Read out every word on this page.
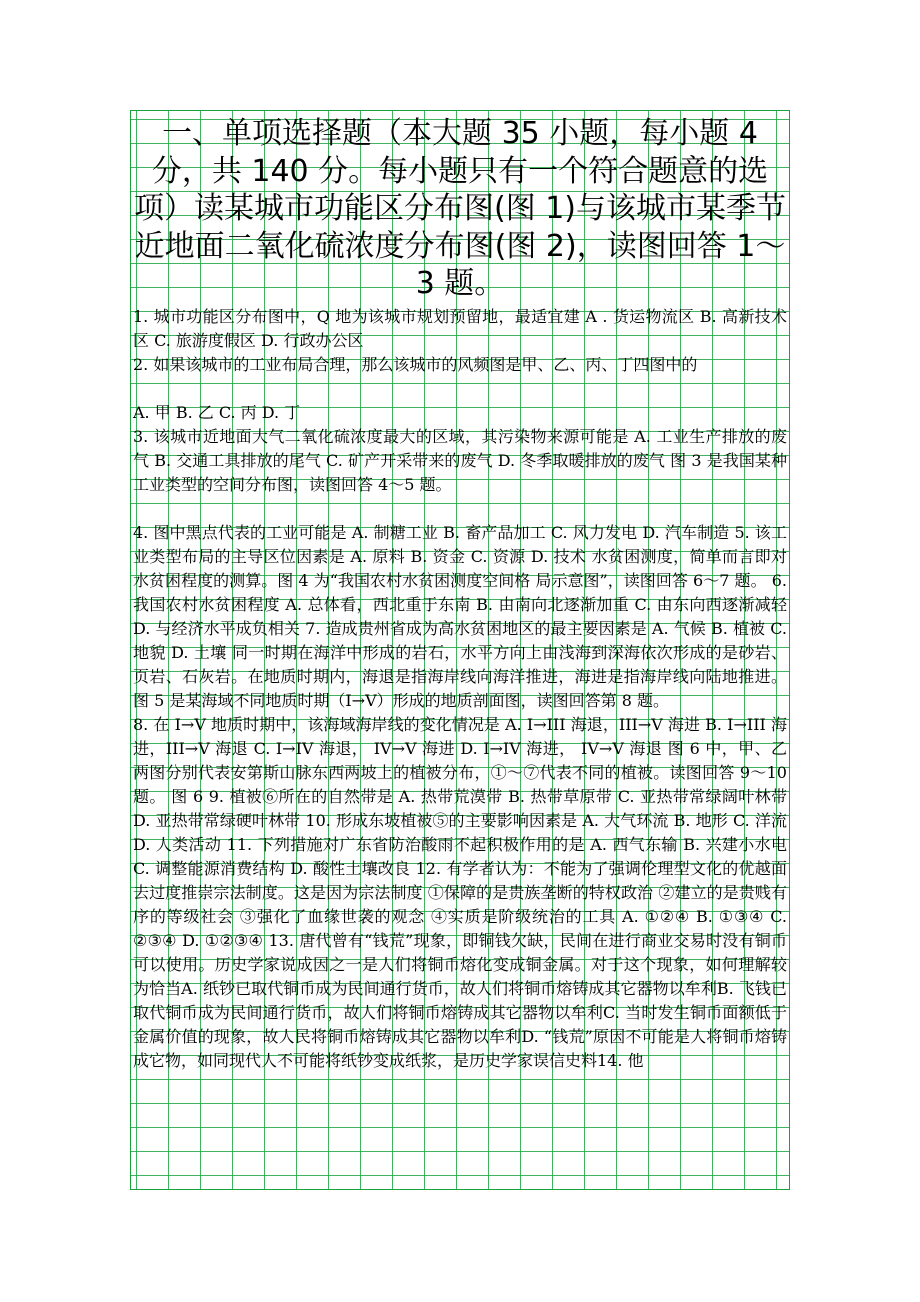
一、单项选择题（本大题 35 小题，每小题 4 分，共 140 分。每小题只有一个符合题意的选项）读某城市功能区分布图(图 1)与该城市某季节近地面二氧化硫浓度分布图(图 2)，读图回答 1～3 题。

1. 城市功能区分布图中，Q 地为该城市规划预留地，最适宜建 A . 货运物流区 B. 高新技术区 C. 旅游度假区 D. 行政办公区

2. 如果该城市的工业布局合理，那么该城市的风频图是甲、乙、丙、丁四图中的

A. 甲 B. 乙 C. 丙 D. 丁

3. 该城市近地面大气二氧化硫浓度最大的区域，其污染物来源可能是 A. 工业生产排放的废气 B. 交通工具排放的尾气 C. 矿产开采带来的废气 D. 冬季取暖排放的废气 图 3 是我国某种工业类型的空间分布图，读图回答 4～5 题。

4. 图中黑点代表的工业可能是 A. 制糖工业 B. 畜产品加工 C. 风力发电 D. 汽车制造 5. 该工业类型布局的主导区位因素是 A. 原料 B. 资金 C. 资源 D. 技术 水贫困测度，简单而言即对水贫困程度的测算。图 4 为“我国农村水贫困测度空间格 局示意图”，读图回答 6～7 题。 6. 我国农村水贫困程度 A. 总体看，西北重于东南 B. 由南向北逐渐加重 C. 由东向西逐渐减轻 D. 与经济水平成负相关 7. 造成贵州省成为高水贫困地区的最主要因素是 A. 气候 B. 植被 C. 地貌 D. 土壤 同一时期在海洋中形成的岩石，水平方向上由浅海到深海依次形成的是砂岩、页岩、石灰岩。在地质时期内，海退是指海岸线向海洋推进，海进是指海岸线向陆地推进。图 5 是某海域不同地质时期（I→V）形成的地质剖面图，读图回答第 8 题。

8. 在 I→V 地质时期中，该海域海岸线的变化情况是 A. I→III 海退，III→V 海进 B. I→III 海进，III→V 海退 C. I→IV 海退， IV→V 海进 D. I→IV 海进， IV→V 海退 图 6 中，甲、乙两图分别代表安第斯山脉东西两坡上的植被分布，①～⑦代表不同的植被。读图回答 9～10 题。 图 6 9. 植被⑥所在的自然带是 A. 热带荒漠带 B. 热带草原带 C. 亚热带常绿阔叶林带 D. 亚热带常绿硬叶林带 10. 形成东坡植被⑤的主要影响因素是 A. 大气环流 B. 地形 C. 洋流 D. 人类活动 11. 下列措施对广东省防治酸雨不起积极作用的是 A. 西气东输 B. 兴建小水电 C. 调整能源消费结构 D. 酸性土壤改良 12. 有学者认为：不能为了强调伦理型文化的优越面去过度推崇宗法制度。这是因为宗法制度 ①保障的是贵族垄断的特权政治 ②建立的是贵贱有序的等级社会 ③强化了血缘世袭的观念 ④实质是阶级统治的工具 A. ①②④ B. ①③④ C. ②③④ D. ①②③④ 13. 唐代曾有“钱荒”现象，即铜钱欠缺，民间在进行商业交易时没有铜币可以使用。历史学家说成因之一是人们将铜币熔化变成铜金属。对于这个现象，如何理解较为恰当A. 纸钞已取代铜币成为民间通行货币，故人们将铜币熔铸成其它器物以牟利B. 飞钱已取代铜币成为民间通行货币，故人们将铜币熔铸成其它器物以牟利C. 当时发生铜币面额低于金属价值的现象，故人民将铜币熔铸成其它器物以牟利D. “钱荒”原因不可能是人将铜币熔铸成它物，如同现代人不可能将纸钞变成纸浆，是历史学家误信史料14. 他
